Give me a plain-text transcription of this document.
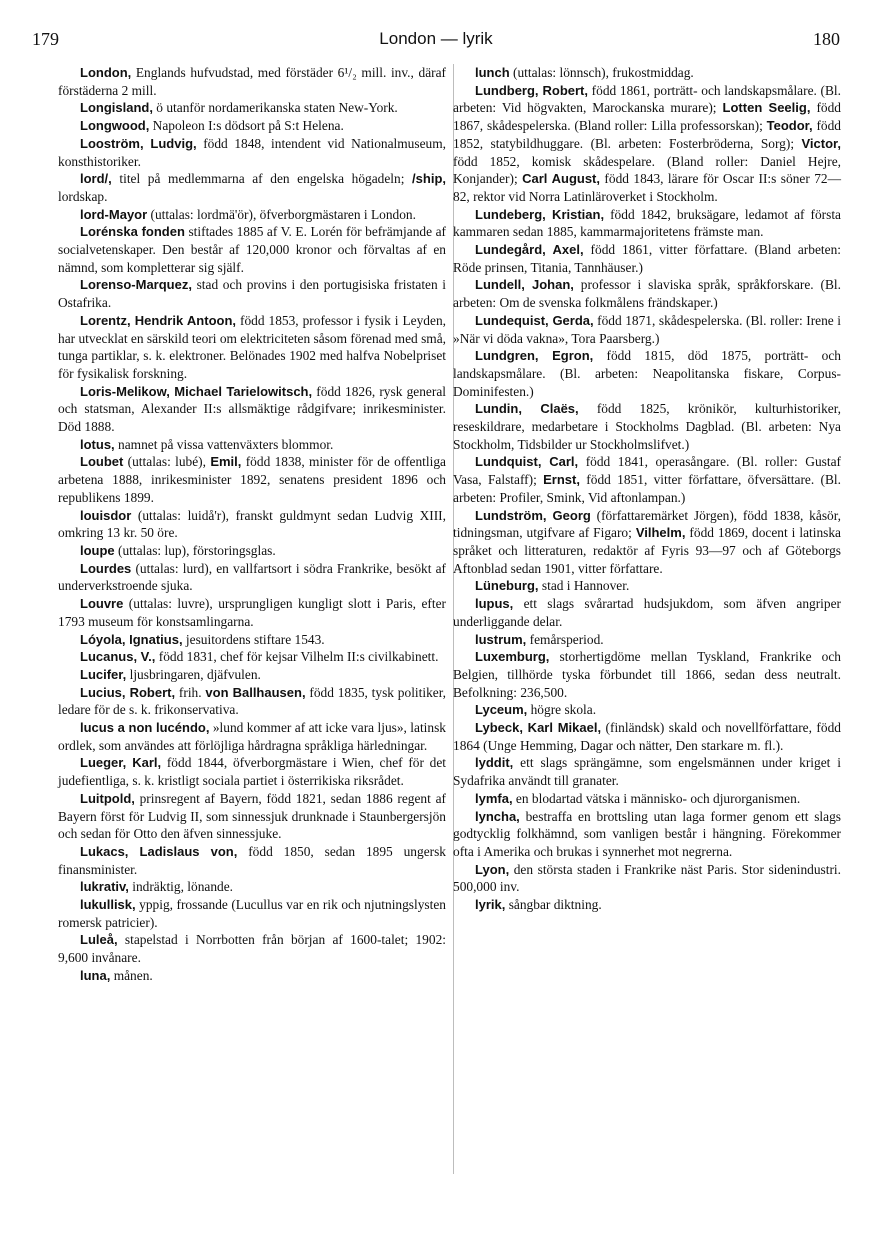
179	London — lyrik	180

London, Englands hufvudstad, med förstäder 6¹/₂ mill. inv., däraf förstäderna 2 mill.

Longisland, ö utanför nordamerikanska staten New-York.

Longwood, Napoleon I:s dödsort på S:t Helena.

Looström, Ludvig, född 1848, intendent vid Nationalmuseum, konsthistoriker.

lord/, titel på medlemmarna af den engelska högadeln; /ship, lordskap.

lord-Mayor (uttalas: lordmä'ör), öfverborgmästaren i London.

Lorénska fonden stiftades 1885 af V. E. Lorén för befrämjande af socialvetenskaper. Den består af 120,000 kronor och förvaltas af en nämnd, som kompletterar sig själf.

Lorenso-Marquez, stad och provins i den portugisiska fristaten i Ostafrika.

Lorentz, Hendrik Antoon, född 1853, professor i fysik i Leyden, har utvecklat en särskild teori om elektriciteten såsom förenad med små, tunga partiklar, s. k. elektroner. Belönades 1902 med halfva Nobelpriset för fysikalisk forskning.

Loris-Melikow, Michael Tarielowitsch, född 1826, rysk general och statsman, Alexander II:s allsmäktige rådgifvare; inrikesminister. Död 1888.

lotus, namnet på vissa vattenväxters blommor.

Loubet (uttalas: lubé), Emil, född 1838, minister för de offentliga arbetena 1888, inrikesminister 1892, senatens president 1896 och republikens 1899.

louisdor (uttalas: luidå'r), franskt guldmynt sedan Ludvig XIII, omkring 13 kr. 50 öre.

loupe (uttalas: lup), förstoringsglas.

Lourdes (uttalas: lurd), en vallfartsort i södra Frankrike, besökt af underverkstroende sjuka.

Louvre (uttalas: luvre), ursprungligen kungligt slott i Paris, efter 1793 museum för konstsamlingarna.

Lóyola, Ignatius, jesuitordens stiftare 1543.

Lucanus, V., född 1831, chef för kejsar Vilhelm II:s civilkabinett.

Lucifer, ljusbringaren, djäfvulen.

Lucius, Robert, frih. von Ballhausen, född 1835, tysk politiker, ledare för de s. k. frikonservativa.

lucus a non lucéndo, »lund kommer af att icke vara ljus», latinsk ordlek, som användes att förlöjliga hårdragna språkliga härledningar.

Lueger, Karl, född 1844, öfverborgmästare i Wien, chef för det judefientliga, s. k. kristligt sociala partiet i österrikiska riksrådet.

Luitpold, prinsregent af Bayern, född 1821, sedan 1886 regent af Bayern först för Ludvig II, som sinnessjuk drunknade i Staunbergersjön och sedan för Otto den äfven sinnessjuke.

Lukacs, Ladislaus von, född 1850, sedan 1895 ungersk finansminister.

lukrativ, indräktig, lönande.

lukullisk, yppig, frossande (Lucullus var en rik och njutningslysten romersk patricier).

Luleå, stapelstad i Norrbotten från början af 1600-talet; 1902: 9,600 invånare.

luna, månen.

lunch (uttalas: lönnsch), frukostmiddag.

Lundberg, Robert, född 1861, porträtt- och landskapsmålare. (Bl. arbeten: Vid högvakten, Marockanska murare); Lotten Seelig, född 1867, skådespelerska. (Bland roller: Lilla professorskan); Teodor, född 1852, statybildhuggare. (Bl. arbeten: Fosterbröderna, Sorg); Victor, född 1852, komisk skådespelare. (Bland roller: Daniel Hejre, Konjander); Carl August, född 1843, lärare för Oscar II:s söner 72—82, rektor vid Norra Latinläroverket i Stockholm.

Lundeberg, Kristian, född 1842, bruksägare, ledamot af första kammaren sedan 1885, kammarmajoritetens främste man.

Lundegård, Axel, född 1861, vitter författare. (Bland arbeten: Röde prinsen, Titania, Tannhäuser.)

Lundell, Johan, professor i slaviska språk, språkforskare. (Bl. arbeten: Om de svenska folkmålens frändskaper.)

Lundequist, Gerda, född 1871, skådespelerska. (Bl. roller: Irene i »När vi döda vakna», Tora Paarsberg.)

Lundgren, Egron, född 1815, död 1875, porträtt- och landskapsmålare. (Bl. arbeten: Neapolitanska fiskare, Corpus-Dominifesten.)

Lundin, Claës, född 1825, krönikör, kulturhistoriker, reseskildrare, medarbetare i Stockholms Dagblad. (Bl. arbeten: Nya Stockholm, Tidsbilder ur Stockholmslifvet.)

Lundquist, Carl, född 1841, operasångare. (Bl. roller: Gustaf Vasa, Falstaff); Ernst, född 1851, vitter författare, öfversättare. (Bl. arbeten: Profiler, Smink, Vid aftonlampan.)

Lundström, Georg (författaremärket Jörgen), född 1838, kåsör, tidningsman, utgifvare af Figaro; Vilhelm, född 1869, docent i latinska språket och litteraturen, redaktör af Fyris 93—97 och af Göteborgs Aftonblad sedan 1901, vitter författare.

Lüneburg, stad i Hannover.

lupus, ett slags svårartad hudsjukdom, som äfven angriper underliggande delar.

lustrum, femårsperiod.

Luxemburg, storhertigdöme mellan Tyskland, Frankrike och Belgien, tillhörde tyska förbundet till 1866, sedan dess neutralt. Befolkning: 236,500.

Lyceum, högre skola.

Lybeck, Karl Mikael, (finländsk) skald och novellförfattare, född 1864 (Unge Hemming, Dagar och nätter, Den starkare m. fl.).

lyddit, ett slags sprängämne, som engelsmännen under kriget i Sydafrika användt till granater.

lymfa, en blodartad vätska i människo- och djurorganismen.

lyncha, bestraffa en brottsling utan laga former genom ett slags godtycklig folkhämnd, som vanligen består i hängning. Förekommer ofta i Amerika och brukas i synnerhet mot negrerna.

Lyon, den största staden i Frankrike näst Paris. Stor sidenindustri. 500,000 inv.

lyrik, sångbar diktning.
